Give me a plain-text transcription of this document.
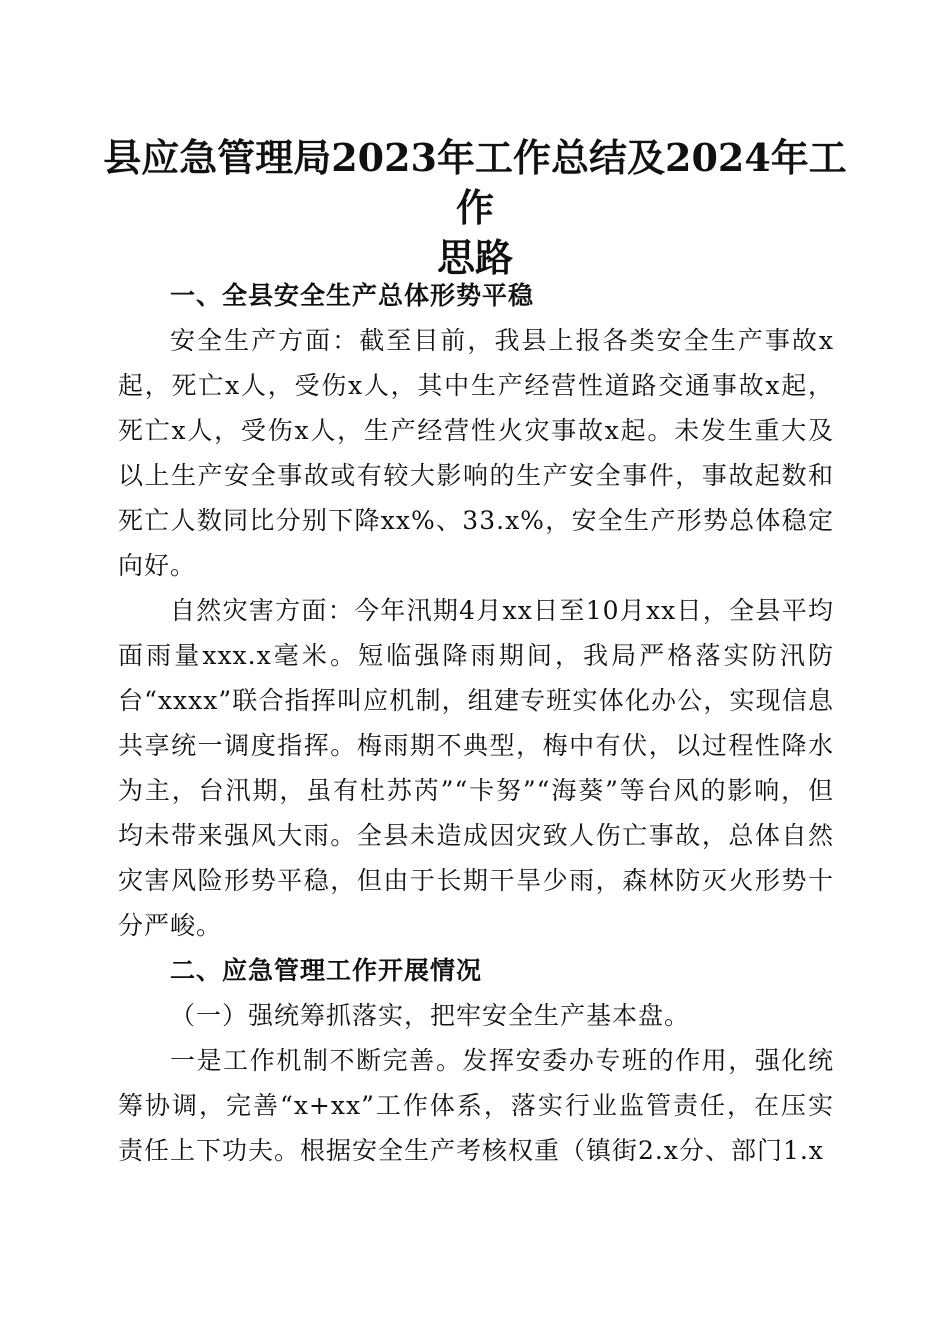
县应急管理局2023年工作总结及2024年工作
思路

一、全县安全生产总体形势平稳

安全生产方面：截至目前，我县上报各类安全生产事故x起，死亡x人，受伤x人，其中生产经营性道路交通事故x起，死亡x人，受伤x人，生产经营性火灾事故x起。未发生重大及以上生产安全事故或有较大影响的生产安全事件，事故起数和死亡人数同比分别下降xx%、33.x%，安全生产形势总体稳定向好。

自然灾害方面：今年汛期4月xx日至10月xx日，全县平均面雨量xxx.x毫米。短临强降雨期间，我局严格落实防汛防台“xxxx”联合指挥叫应机制，组建专班实体化办公，实现信息共享统一调度指挥。梅雨期不典型，梅中有伏，以过程性降水为主，台汛期，虽有杜苏芮”“卡努”“海葵”等台风的影响，但均未带来强风大雨。全县未造成因灾致人伤亡事故，总体自然灾害风险形势平稳，但由于长期干旱少雨，森林防灭火形势十分严峻。

二、应急管理工作开展情况

（一）强统筹抓落实，把牢安全生产基本盘。

一是工作机制不断完善。发挥安委办专班的作用，强化统筹协调，完善“x+xx”工作体系，落实行业监管责任，在压实责任上下功夫。根据安全生产考核权重（镇街2.x分、部门1.x
